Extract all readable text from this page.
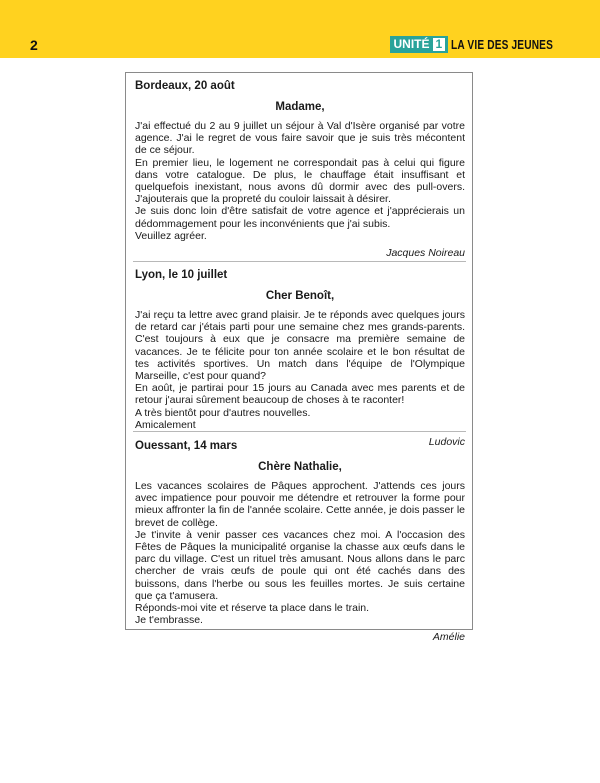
2	UNITÉ 1 LA VIE DES JEUNES
Bordeaux, 20 août
Madame,

J'ai effectué du 2 au 9 juillet un séjour à Val d'Isère organisé par votre agence. J'ai le regret de vous faire savoir que je suis très mécontent de ce séjour.

En premier lieu, le logement ne correspondait pas à celui qui figure dans votre catalogue. De plus, le chauffage était insuffisant et quelquefois inexistant, nous avons dû dormir avec des pull-overs. J'ajouterais que la propreté du couloir laissait à désirer.

Je suis donc loin d'être satisfait de votre agence et j'apprécierais un dédommagement pour les inconvénients que j'ai subis.

Veuillez agréer.

Jacques Noireau
Lyon, le 10 juillet
Cher Benoît,

J'ai reçu ta lettre avec grand plaisir. Je te réponds avec quelques jours de retard car j'étais parti pour une semaine chez mes grands-parents. C'est toujours à eux que je consacre ma première semaine de vacances. Je te félicite pour ton année scolaire et le bon résultat de tes activités sportives. Un match dans l'équipe de l'Olympique Marseille, c'est pour quand?

En août, je partirai pour 15 jours au Canada avec mes parents et de retour j'aurai sûrement beaucoup de choses à te raconter!

A très bientôt pour d'autres nouvelles.

Amicalement

Ludovic
Ouessant, 14 mars
Chère Nathalie,

Les vacances scolaires de Pâques approchent. J'attends ces jours avec impatience pour pouvoir me détendre et retrouver la forme pour mieux affronter la fin de l'année scolaire. Cette année, je dois passer le brevet de collège.

Je t'invite à venir passer ces vacances chez moi. A l'occasion des Fêtes de Pâques la municipalité organise la chasse aux œufs dans le parc du village. C'est un rituel très amusant. Nous allons dans le parc chercher de vrais œufs de poule qui ont été cachés dans des buissons, dans l'herbe ou sous les feuilles mortes. Je suis certaine que ça t'amusera.

Réponds-moi vite et réserve ta place dans le train.

Je t'embrasse.

Amélie
